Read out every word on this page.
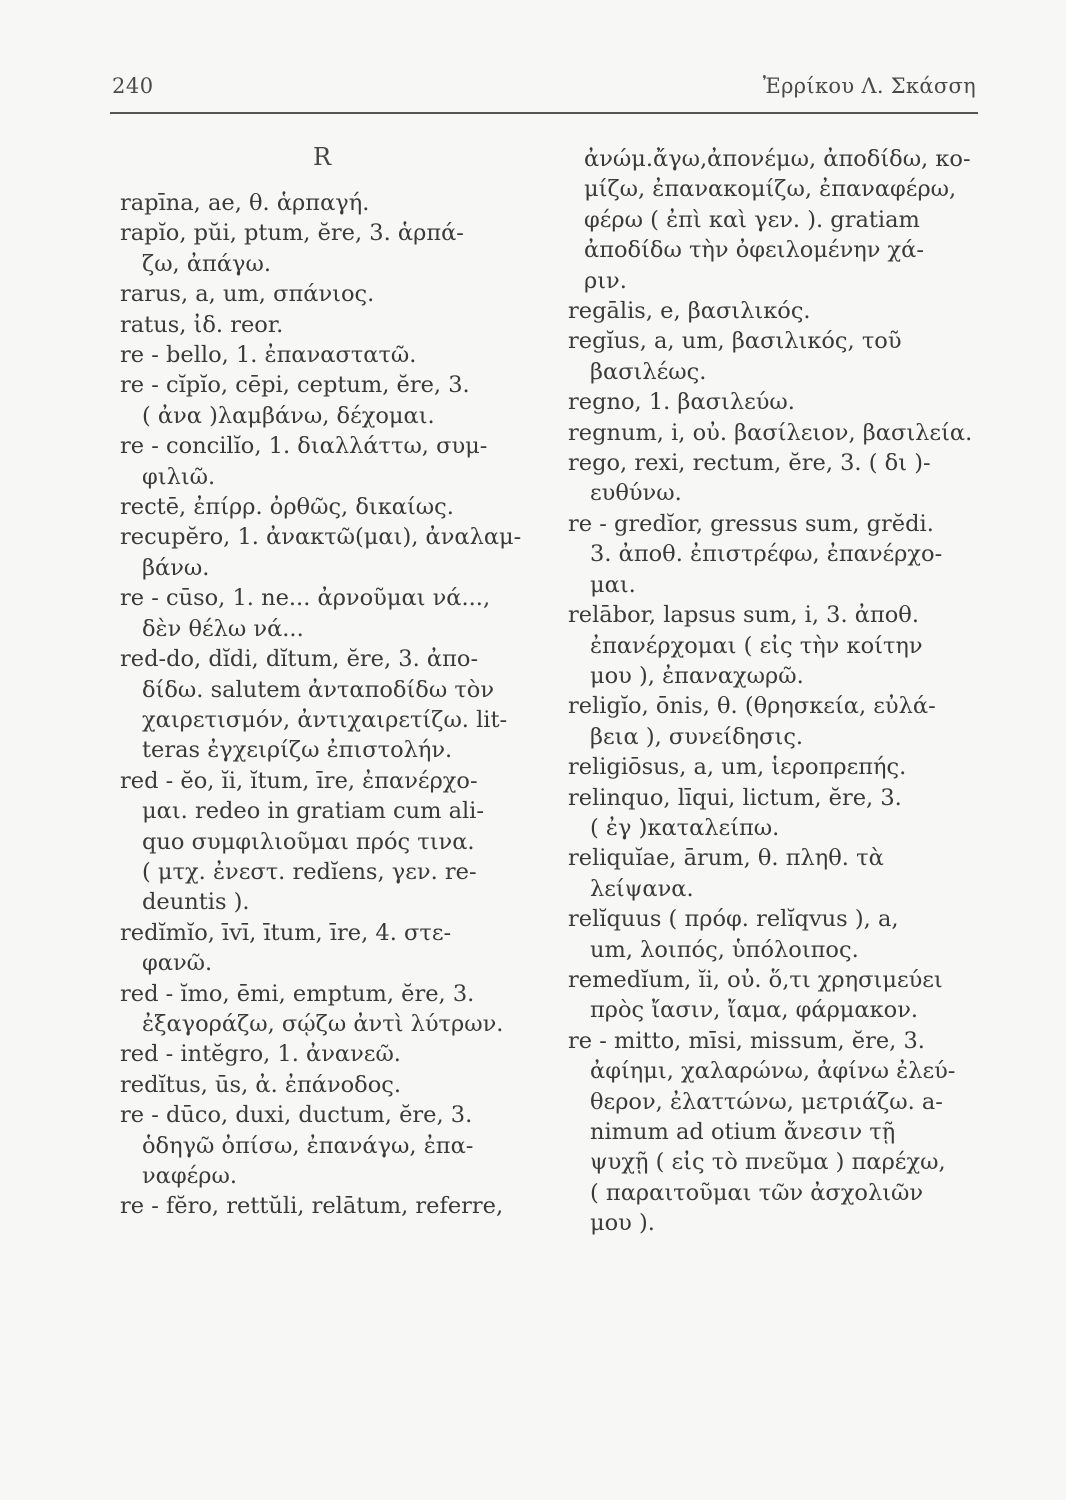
240	Ἐρρίκου Λ. Σκάσση
R

rapīna, ae, θ. ἁρπαγή.

rapĭo, pŭi, ptum, ĕre, 3. ἁρπά-
ζω, ἀπάγω.

rarus, a, um, σπάνιος.

ratus, ἰδ. reor.

re - bello, 1. ἐπαναστατῶ.

re - cĭpĭo, cēpi, ceptum, ĕre, 3.
( ἀνα )λαμβάνω, δέχομαι.

re - concilĭo, 1. διαλλάττω, συμ-
φιλιῶ.

rectē, ἐπίρρ. ὀρθῶς, δικαίως.

recupĕro, 1. ἀνακτῶ(μαι), ἀναλαμ-
βάνω.

re - cūso, 1. ne... ἀρνοῦμαι νά...,
δὲν θέλω νά...

red-do, dĭdi, dĭtum, ĕre, 3. ἀπο-
δίδω. salutem ἀνταποδίδω τὸν
χαιρετισμόν, ἀντιχαιρετίζω. lit-
teras ἐγχειρίζω ἐπιστολήν.

red - ĕo, ĭi, ĭtum, īre, ἐπανέρχο-
μαι. redeo in gratiam cum ali-
quo συμφιλιοῦμαι πρός τινα.
( μτχ. ἐνεστ. redĭens, γεν. re-
deuntis ).

redĭmĭo, īvī, ītum, īre, 4. στε-
φανῶ.

red - ĭmo, ēmi, emptum, ĕre, 3.
ἐξαγοράζω, σῴζω ἀντὶ λύτρων.

red - intĕgro, 1. ἀνανεῶ.

redĭtus, ūs, ἀ. ἐπάνοδος.

re - dūco, duxi, ductum, ĕre, 3.
ὁδηγῶ ὀπίσω, ἐπανάγω, ἐπα-
ναφέρω.

re - fĕro, rettŭli, relātum, referre,

ἀνώμ.ἄγω,ἀπονέμω, ἀποδίδω, κο-
μίζω, ἐπανακομίζω, ἐπαναφέρω,
φέρω ( ἐπὶ καὶ γεν. ). gratiam
ἀποδίδω τὴν ὀφειλομένην χά-
ριν.

regālis, e, βασιλικός.

regĭus, a, um, βασιλικός, τοῦ
βασιλέως.

regno, 1. βασιλεύω.

regnum, i, οὐ. βασίλειον, βασιλεία.

rego, rexi, rectum, ĕre, 3. ( δι )-
ευθύνω.

re - gredĭor, gressus sum, grĕdi.
3. ἀποθ. ἐπιστρέφω, ἐπανέρχο-
μαι.

relābor, lapsus sum, i, 3. ἀποθ.
ἐπανέρχομαι ( εἰς τὴν κοίτην
μου ), ἐπαναχωρῶ.

religĭo, ōnis, θ. (θρησκεία, εὐλά-
βεια ), συνείδησις.

religiōsus, a, um, ἱεροπρεπής.

relinquo, līqui, lictum, ĕre, 3.
( ἐγ )καταλείπω.

reliquĭae, ārum, θ. πληθ. τὰ
λείψανα.

relĭquus ( πρόφ. relĭqvus ), a,
um, λοιπός, ὑπόλοιπος.

remedĭum, ĭi, οὐ. ὅ,τι χρησιμεύει
πρὸς ἴασιν, ἴαμα, φάρμακον.

re - mitto, mīsi, missum, ĕre, 3.
ἀφίημι, χαλαρώνω, ἀφίνω ἐλεύ-
θερον, ἐλαττώνω, μετριάζω. a-
nimum ad otium ἄνεσιν τῇ
ψυχῇ ( εἰς τὸ πνεῦμα ) παρέχω,
( παραιτοῦμαι τῶν ἀσχολιῶν
μου ).
